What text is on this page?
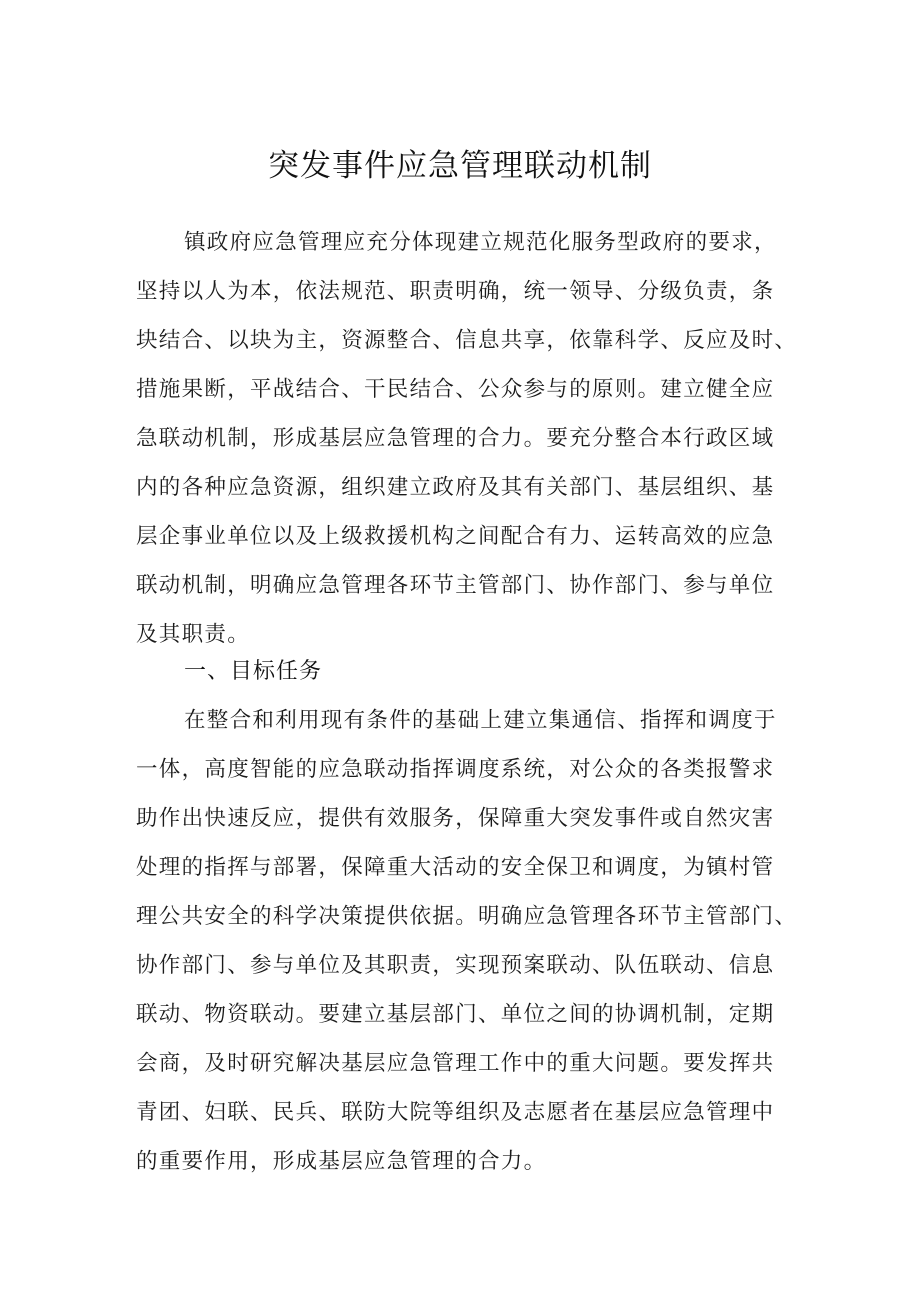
突发事件应急管理联动机制
镇政府应急管理应充分体现建立规范化服务型政府的要求，
坚持以人为本，依法规范、职责明确，统一领导、分级负责，条
块结合、以块为主，资源整合、信息共享，依靠科学、反应及时、
措施果断，平战结合、干民结合、公众参与的原则。建立健全应
急联动机制，形成基层应急管理的合力。要充分整合本行政区域
内的各种应急资源，组织建立政府及其有关部门、基层组织、基
层企事业单位以及上级救援机构之间配合有力、运转高效的应急
联动机制，明确应急管理各环节主管部门、协作部门、参与单位
及其职责。
一、目标任务
在整合和利用现有条件的基础上建立集通信、指挥和调度于
一体，高度智能的应急联动指挥调度系统，对公众的各类报警求
助作出快速反应，提供有效服务，保障重大突发事件或自然灾害
处理的指挥与部署，保障重大活动的安全保卫和调度，为镇村管
理公共安全的科学决策提供依据。明确应急管理各环节主管部门、
协作部门、参与单位及其职责，实现预案联动、队伍联动、信息
联动、物资联动。要建立基层部门、单位之间的协调机制，定期
会商，及时研究解决基层应急管理工作中的重大问题。要发挥共
青团、妇联、民兵、联防大院等组织及志愿者在基层应急管理中
的重要作用，形成基层应急管理的合力。
